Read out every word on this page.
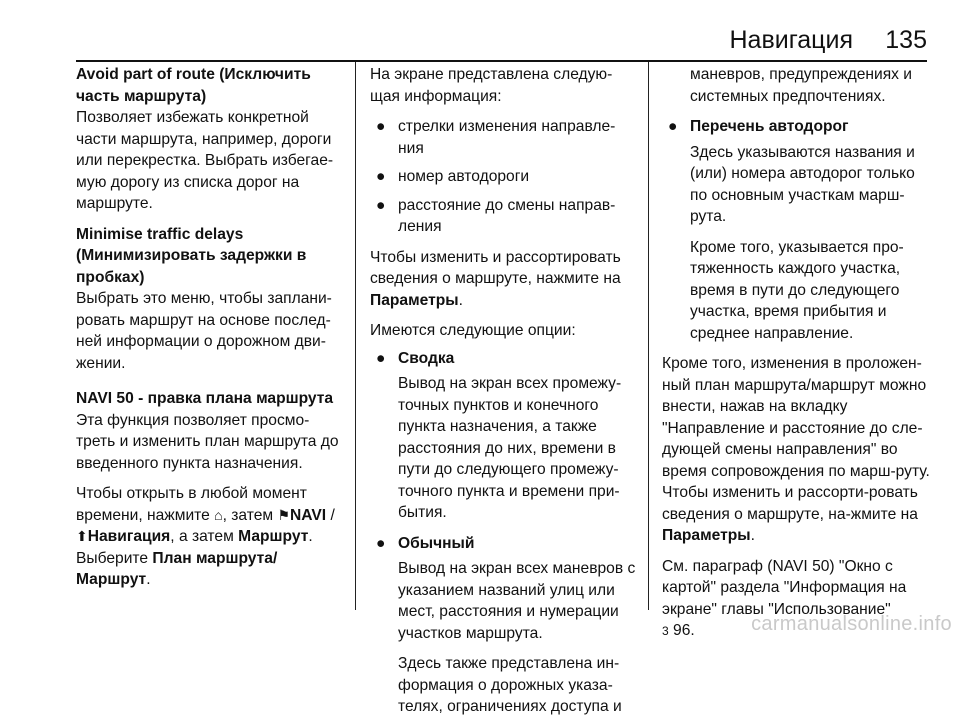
Навигация 135
Avoid part of route (Исключить часть маршрута)

Позволяет избежать конкретной части маршрута, например, дороги или перекрестка. Выбрать избегае-мую дорогу из списка дорог на маршруте.

Minimise traffic delays (Минимизировать задержки в пробках)

Выбрать это меню, чтобы заплани-ровать маршрут на основе послед-ней информации о дорожном дви-жении.

NAVI 50 - правка плана маршрута

Эта функция позволяет просмо-треть и изменить план маршрута до введенного пункта назначения.

Чтобы открыть в любой момент времени, нажмите ⌂, затем ⚑NAVI / ⬆Навигация, а затем Маршрут. Выберите План маршрута/Маршрут.

На экране представлена следую-щая информация:

● стрелки изменения направле-ния
● номер автодороги
● расстояние до смены направ-ления

Чтобы изменить и рассортировать сведения о маршруте, нажмите на Параметры.

Имеются следующие опции:

● Сводка

Вывод на экран всех промежу-точных пунктов и конечного пункта назначения, а также расстояния до них, времени в пути до следующего промежу-точного пункта и времени при-бытия.

● Обычный

Вывод на экран всех маневров с указанием названий улиц или мест, расстояния и нумерации участков маршрута.

Здесь также представлена ин-формация о дорожных указа-телях, ограничениях доступа и

маневров, предупреждениях и системных предпочтениях.

● Перечень автодорог

Здесь указываются названия и (или) номера автодорог только по основным участкам марш-рута.

Кроме того, указывается про-тяженность каждого участка, время в пути до следующего участка, время прибытия и среднее направление.

Кроме того, изменения в проложен-ный план маршрута/маршрут можно внести, нажав на вкладку "Направление и расстояние до сле-дующей смены направления" во время сопровождения по марш-руту. Чтобы изменить и рассорти-ровать сведения о маршруте, на-жмите на Параметры.

См. параграф (NAVI 50) "Окно с картой" раздела "Информация на экране" главы "Использование"
3 96.	carmanualsonline.info
